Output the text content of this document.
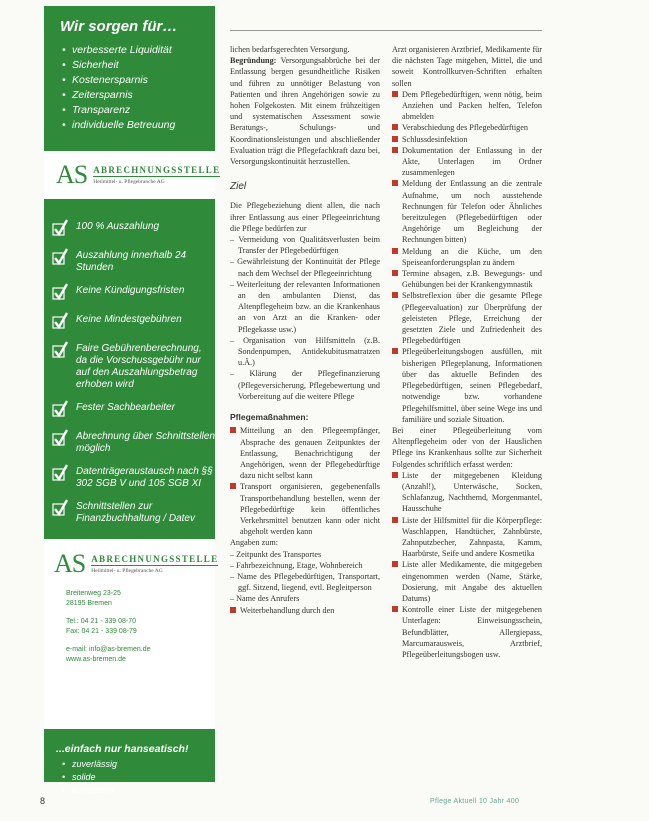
Wir sorgen für…
• verbesserte Liquidität
• Sicherheit
• Kostenersparnis
• Zeitersparnis
• Transparenz
• individuelle Betreuung
AS ABRECHNUNGSSTELLE
Heilmittel- u. Pflegebranche AG
100 % Auszahlung
Auszahlung innerhalb 24 Stunden
Keine Kündigungsfristen
Keine Mindestgebühren
Faire Gebührenberechnung, da die Vorschussgebühr nur auf den Auszahlungsbetrag erhoben wird
Fester Sachbearbeiter
Abrechnung über Schnittstellen möglich
Datenträgeraustausch nach §§ 302 SGB V und 105 SGB XI
Schnittstellen zur Finanzbuchhaltung / Datev
AS ABRECHNUNGSSTELLE
Heilmittel- u. Pflegebranche AG
Breitenweg 23-25
28195 Bremen
Tel.: 04 21 - 339 08-70
Fax: 04 21 - 339 08-79
e-mail: info@as-bremen.de
www.as-bremen.de
...einfach nur hanseatisch!
• zuverlässig
• solide
• kompetent

lichen bedarfsgerechten Versorgung.

Begründung: Versorgungsabbrüche bei der Entlassung bergen gesundheitliche Risiken und führen zu unnötiger Belastung von Patienten und ihren Angehörigen sowie zu hohen Folgekosten. Mit einem frühzeitigen und systematischen Assessment sowie Beratungs-, Schulungs- und Koordinationsleistungen und abschließender Evaluation trägt die Pflegefachkraft dazu bei, Versorgungskontinuität herzustellen.

Ziel

Die Pflegebeziehung dient allen, die nach ihrer Entlassung aus einer Pflegeeinrichtung die Pflege bedürfen zur

– Vermeidung von Qualitätsverlusten beim Transfer der Pflegebedürftigen

– Gewährleistung der Kontinuität der Pflege nach dem Wechsel der Pflegeeinrichtung

– Weiterleitung der relevanten Informationen an den ambulanten Dienst, das Altenpflegeheim bzw. an die Krankenhaus an von Arzt an die Kranken- oder Pflegekasse usw.)

– Organisation von Hilfsmitteln (z.B. Sondenpumpen, Antidekubitusmatratzen u.Ä.)

– Klärung der Pflegefinanzierung (Pflegeversicherung, Pflegebewertung und Vorbereitung auf die weitere Pflege

Pflegemaßnahmen:

Mitteilung an den Pflegeempfänger, Absprache des genauen Zeitpunktes der Entlassung, Benachrichtigung der Angehörigen, wenn der Pflegebedürftige dazu nicht selbst kann

Transport organisieren, gegebenenfalls Transportbehandlung bestellen, wenn der Pflegebedürftige kein öffentliches Verkehrsmittel benutzen kann oder nicht abgeholt werden kann

Angaben zum:

– Zeitpunkt des Transportes

– Fahrbezeichnung, Etage, Wohnbereich

– Name des Pflegebedürftigen, Transportart, ggf. Sitzend, liegend, evtl. Begleitperson

– Name des Anrufers

Weiterbehandlung durch den

Arzt organisieren Arztbrief, Medikamente für die nächsten Tage mitgeben, Mittel, die und soweit Kontrollkurven-Schriften erhalten sollen

Dem Pflegebedürftigen, wenn nötig, beim Anziehen und Packen helfen, Telefon abmelden

Verabschiedung des Pflegebedürftigen

Schlussdesinfektion

Dokumentation der Entlassung in der Akte, Unterlagen im Ordner zusammenlegen

Meldung der Entlassung an die zentrale Aufnahme, um noch ausstehende Rechnungen für Telefon oder Ähnliches bereitzulegen (Pflegebedürftigen oder Angehörige um Begleichung der Rechnungen bitten)

Meldung an die Küche, um den Speiseanforderungsplan zu ändern

Termine absagen, z.B. Bewegungs- und Gehübungen bei der Krankengymnastik

Selbstreflexion über die gesamte Pflege (Pflegeevaluation) zur Überprüfung der geleisteten Pflege, Erreichung der gesetzten Ziele und Zufriedenheit des Pflegebedürftigen

Pflegeüberleitungsbogen ausfüllen, mit bisherigen Pflegeplanung, Informationen über das aktuelle Befinden des Pflegebedürftigen, seinen Pflegebedarf, notwendige bzw. vorhandene Pflegehilfsmittel, über seine Wege ins und familiäre und soziale Situation.

Bei einer Pflegeüberleitung vom Altenpflegeheim oder von der Hauslichen Pflege ins Krankenhaus sollte zur Sicherheit Folgendes schriftlich erfasst werden:

Liste der mitgegebenen Kleidung (Anzahl!), Unterwäsche, Socken, Schlafanzug, Nachthemd, Morgenmantel, Hausschuhe

Liste der Hilfsmittel für die Körperpflege: Waschlappen, Handtücher, Zahnbürste, Zahnputzbecher, Zahnpasta, Kamm, Haarbürste, Seife und andere Kosmetika

Liste aller Medikamente, die mitgegeben eingenommen werden (Name, Stärke, Dosierung, mit Angabe des aktuellen Datums)

Kontrolle einer Liste der mitgegebenen Unterlagen: Einweisungsschein, Befundblätter, Allergiepass, Marcumarausweis, Arztbrief, Pflegeüberleitungsbogen usw.

8	Pflege Aktuell 10 Jahr 400
